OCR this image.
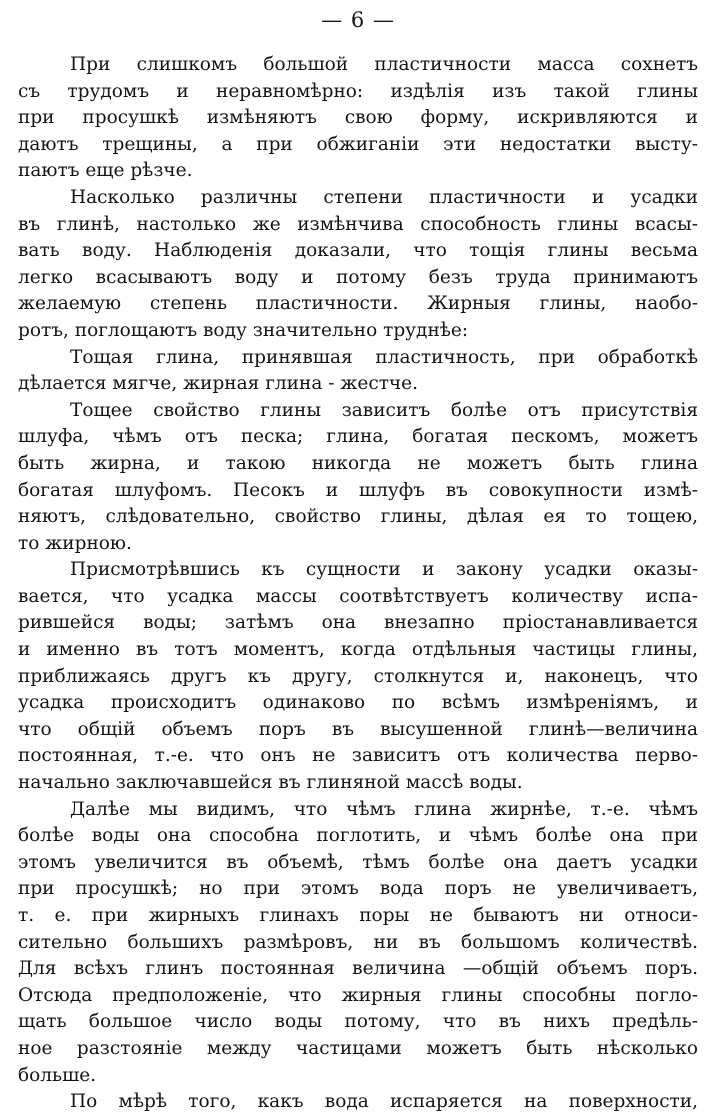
— 6 —
При слишкомъ большой пластичности масса сохнетъ
съ трудомъ и неравномѣрно: издѣлія изъ такой глины
при просушкѣ измѣняютъ свою форму, искривляются и
даютъ трещины, а при обжиганіи эти недостатки высту-
паютъ еще рѣзче.
Насколько различны степени пластичности и усадки
въ глинѣ, настолько же измѣнчива способность глины всасы-
вать воду. Наблюденія доказали, что тощія глины весьма
легко всасываютъ воду и потому безъ труда принимаютъ
желаемую степень пластичности. Жирныя глины, наобо-
ротъ, поглощаютъ воду значительно труднѣе:
Тощая глина, принявшая пластичность, при обработкѣ
дѣлается мягче, жирная глина - жестче.
Тощее свойство глины зависитъ болѣе отъ присутствія
шлуфа, чѣмъ отъ песка; глина, богатая пескомъ, можетъ
быть жирна, и такою никогда не можетъ быть глина
богатая шлуфомъ. Песокъ и шлуфъ въ совокупности измѣ-
няютъ, слѣдовательно, свойство глины, дѣлая ея то тощею,
то жирною.
Присмотрѣвшись къ сущности и закону усадки оказы-
вается, что усадка массы соотвѣтствуетъ количеству испа-
рившейся воды; затѣмъ она внезапно пріостанавливается
и именно въ тотъ моментъ, когда отдѣльныя частицы глины,
приближаясь другъ къ другу, столкнутся и, наконецъ, что
усадка происходитъ одинаково по всѣмъ измѣреніямъ, и
что общій объемъ поръ въ высушенной глинѣ—величина
постоянная, т.-е. что онъ не зависитъ отъ количества перво-
начально заключавшейся въ глиняной массѣ воды.
Далѣе мы видимъ, что чѣмъ глина жирнѣе, т.-е. чѣмъ
болѣе воды она способна поглотить, и чѣмъ болѣе она при
этомъ увеличится въ объемѣ, тѣмъ болѣе она даетъ усадки
при просушкѣ; но при этомъ вода поръ не увеличиваетъ,
т. е. при жирныхъ глинахъ поры не бываютъ ни относи-
сительно большихъ размѣровъ, ни въ большомъ количествѣ.
Для всѣхъ глинъ постоянная величина —общій объемъ поръ.
Отсюда предположеніе, что жирныя глины способны погло-
щать большое число воды потому, что въ нихъ предѣль-
ное разстояніе между частицами можетъ быть нѣсколько
больше.
По мѣрѣ того, какъ вода испаряется на поверхности,
